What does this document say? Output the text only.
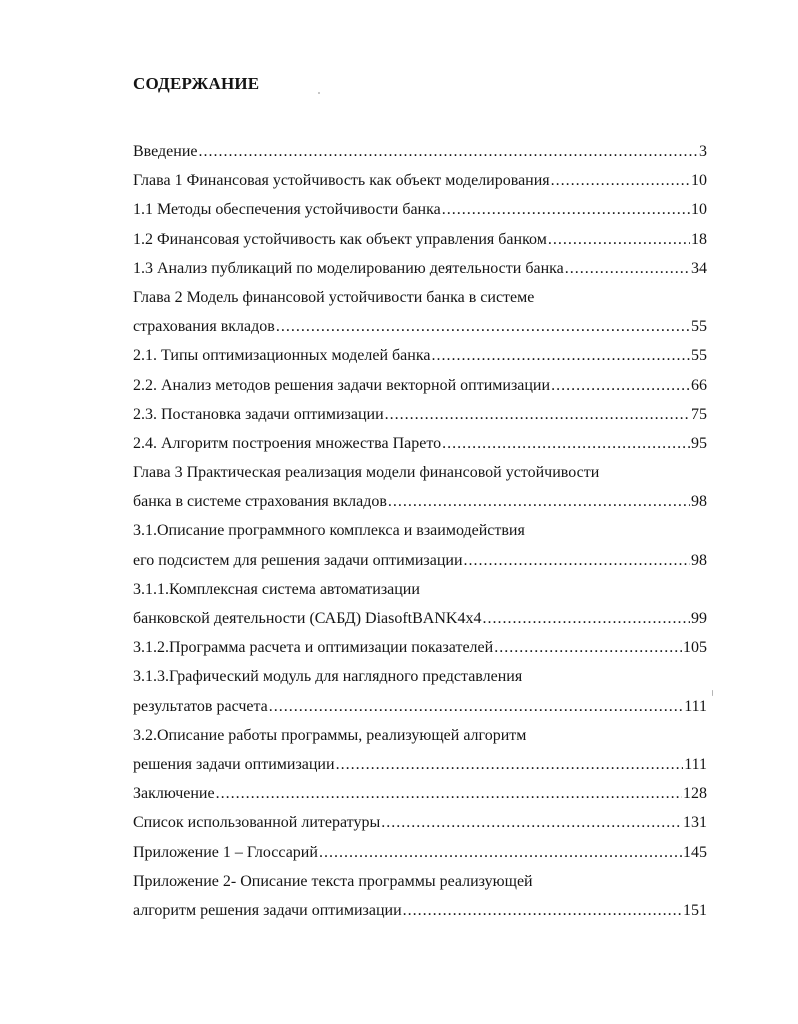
СОДЕРЖАНИЕ
Введение .....	3
Глава 1 Финансовая устойчивость как объект моделирования .....	10
1.1 Методы обеспечения устойчивости банка .....	10
1.2 Финансовая устойчивость как объект управления банком .....	18
1.3 Анализ публикаций по моделированию деятельности банка .....	34
Глава 2 Модель финансовой устойчивости банка в системе
страхования вкладов .....	55
2.1. Типы оптимизационных моделей банка .....	55
2.2. Анализ методов решения задачи векторной оптимизации .....	66
2.3. Постановка задачи оптимизации .....	75
2.4. Алгоритм построения множества Парето .....	95
Глава 3 Практическая реализация модели финансовой устойчивости
банка в системе страхования вкладов .....	98
3.1.Описание программного комплекса и взаимодействия
его подсистем для решения задачи оптимизации .....	98
3.1.1.Комплексная система автоматизации
банковской деятельности (САБД) DiasoftBANK4x4 .....	99
3.1.2.Программа расчета и оптимизации показателей .....	105
3.1.3.Графический модуль для наглядного представления
результатов расчета .....	111
3.2.Описание работы программы, реализующей алгоритм
решения задачи оптимизации .....	111
Заключение .....	128
Список использованной литературы .....	131
Приложение 1 – Глоссарий .....	145
Приложение 2- Описание текста программы реализующей
алгоритм решения задачи оптимизации .....	151
